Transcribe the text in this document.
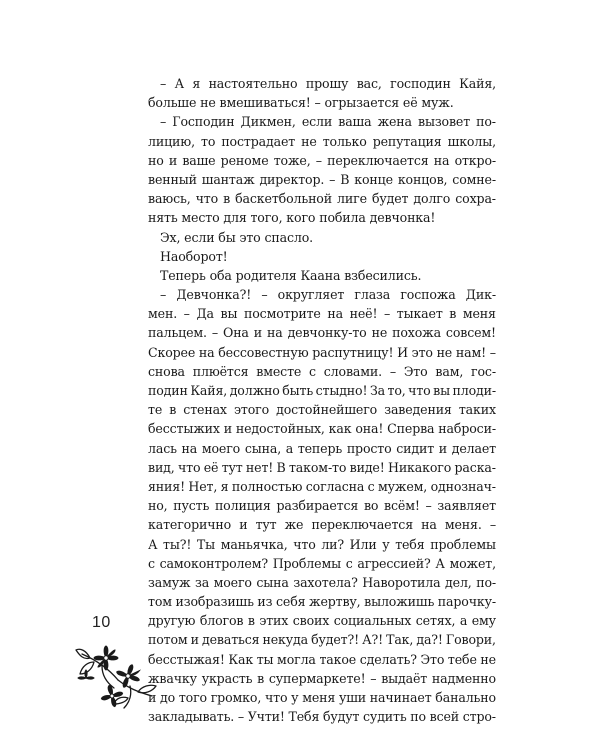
– А я настоятельно прошу вас, господин Кайя,
больше не вмешиваться! – огрызается её муж.
– Господин Дикмен, если ваша жена вызовет по-
лицию, то пострадает не только репутация школы,
но и ваше реноме тоже, – переключается на откро-
венный шантаж директор. – В конце концов, сомне-
ваюсь, что в баскетбольной лиге будет долго сохра-
нять место для того, кого побила девчонка!
Эх, если бы это спасло.
Наоборот!
Теперь оба родителя Каана взбесились.
– Девчонка?! – округляет глаза госпожа Дик-
мен. – Да вы посмотрите на неё! – тыкает в меня
пальцем. – Она и на девчонку-то не похожа совсем!
Скорее на бессовестную распутницу! И это не нам! –
снова плюётся вместе с словами. – Это вам, гос-
подин Кайя, должно быть стыдно! За то, что вы плоди-
те в стенах этого достойнейшего заведения таких
бесстыжих и недостойных, как она! Сперва наброси-
лась на моего сына, а теперь просто сидит и делает
вид, что её тут нет! В таком-то виде! Никакого раска-
яния! Нет, я полностью согласна с мужем, однознач-
но, пусть полиция разбирается во всём! – заявляет
категорично и тут же переключается на меня. –
А ты?! Ты маньячка, что ли? Или у тебя проблемы
с самоконтролем? Проблемы с агрессией? А может,
замуж за моего сына захотела? Наворотила дел, по-
том изобразишь из себя жертву, выложишь парочку-
другую блогов в этих своих социальных сетях, а ему
потом и деваться некуда будет?! А?! Так, да?! Говори,
бесстыжая! Как ты могла такое сделать? Это тебе не
жвачку украсть в супермаркете! – выдаёт надменно
и до того громко, что у меня уши начинает банально
закладывать. – Учти! Тебя будут судить по всей стро-
10
